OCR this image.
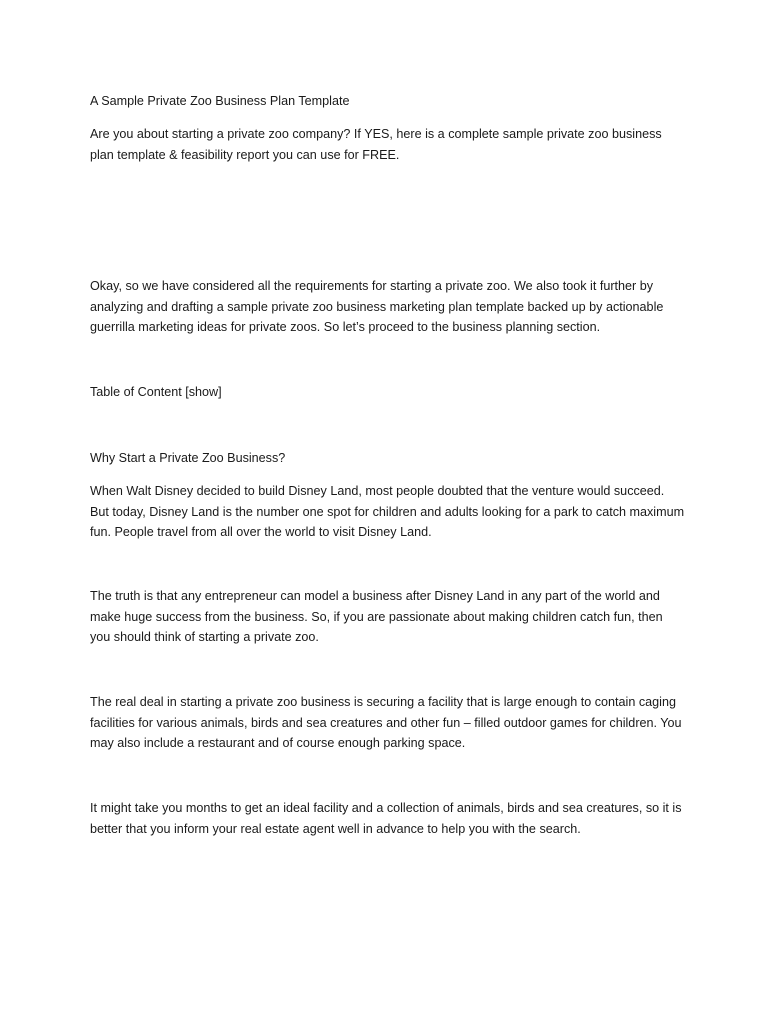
A Sample Private Zoo Business Plan Template

Are you about starting a private zoo company? If YES, here is a complete sample private zoo business plan template & feasibility report you can use for FREE.

Okay, so we have considered all the requirements for starting a private zoo. We also took it further by analyzing and drafting a sample private zoo business marketing plan template backed up by actionable guerrilla marketing ideas for private zoos. So let’s proceed to the business planning section.

Table of Content [show]

Why Start a Private Zoo Business?

When Walt Disney decided to build Disney Land, most people doubted that the venture would succeed. But today, Disney Land is the number one spot for children and adults looking for a park to catch maximum fun. People travel from all over the world to visit Disney Land.

The truth is that any entrepreneur can model a business after Disney Land in any part of the world and make huge success from the business. So, if you are passionate about making children catch fun, then you should think of starting a private zoo.

The real deal in starting a private zoo business is securing a facility that is large enough to contain caging facilities for various animals, birds and sea creatures and other fun – filled outdoor games for children. You may also include a restaurant and of course enough parking space.

It might take you months to get an ideal facility and a collection of animals, birds and sea creatures, so it is better that you inform your real estate agent well in advance to help you with the search.
